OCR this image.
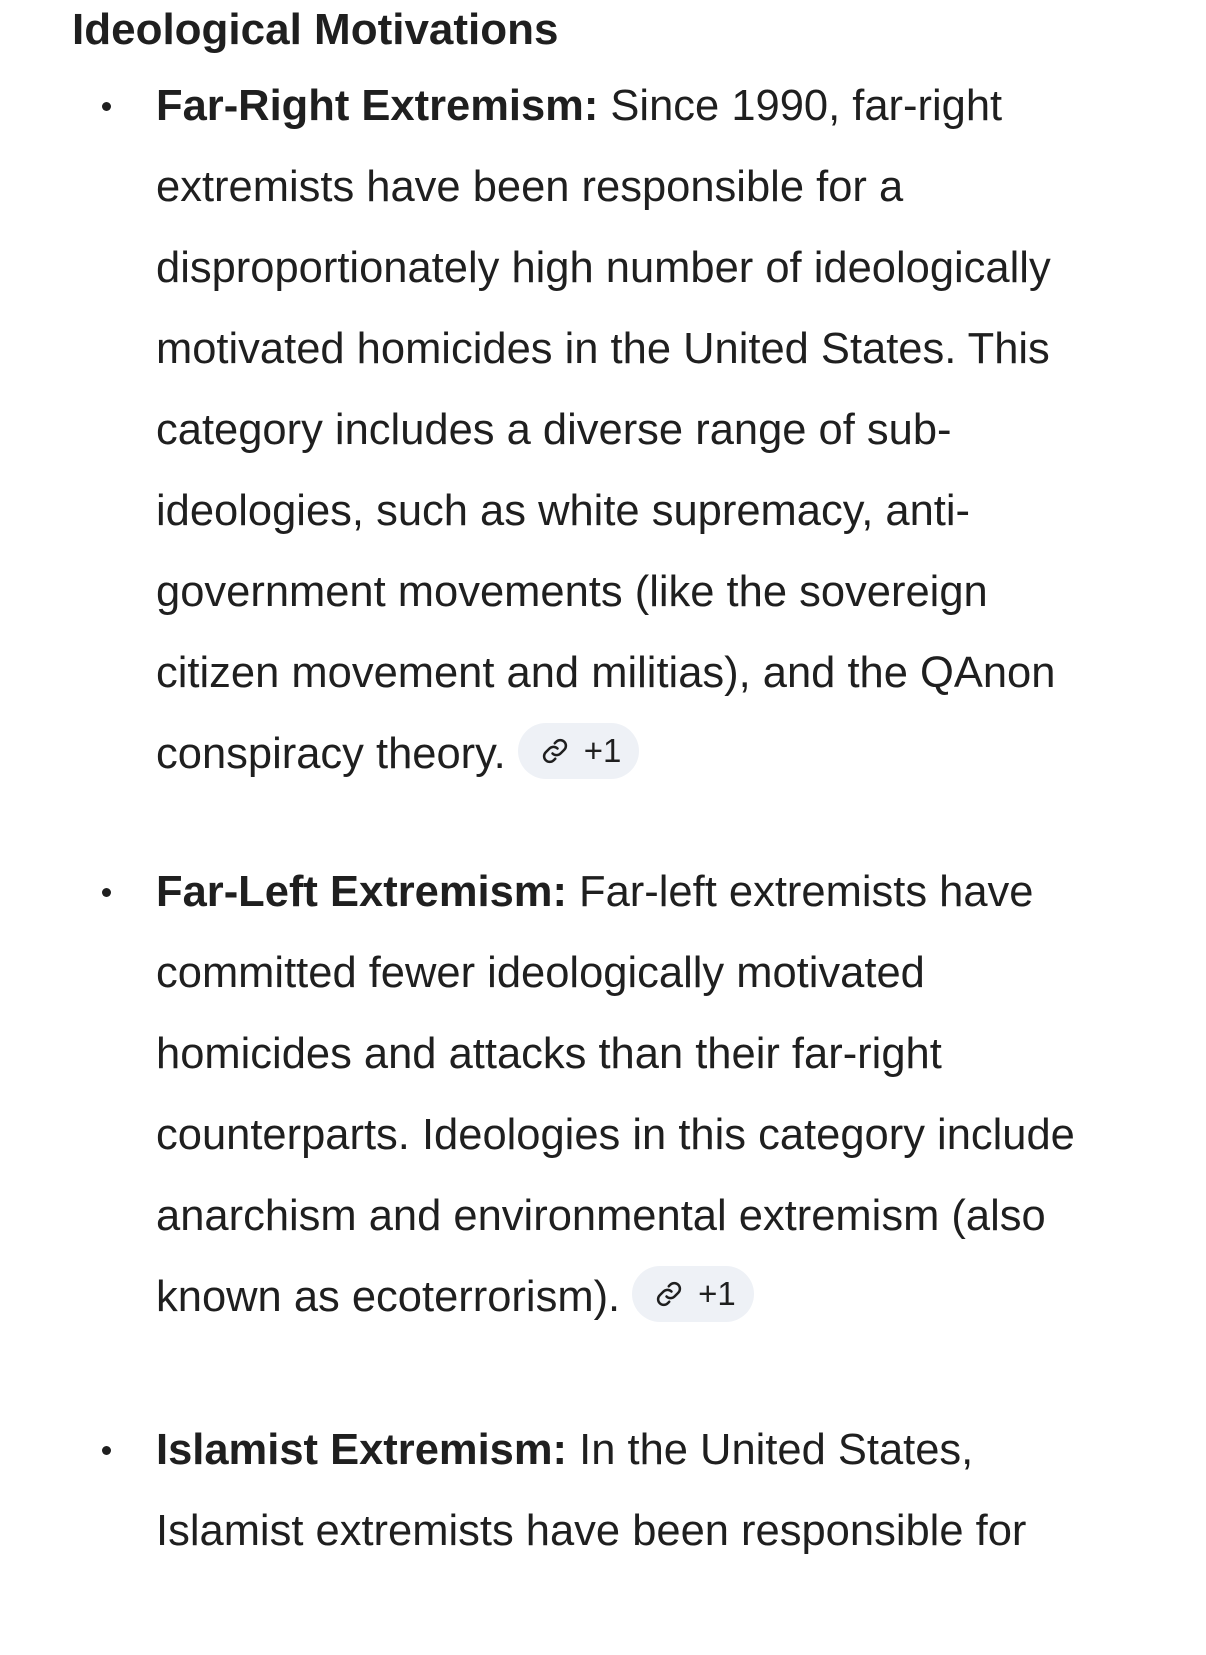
Ideological Motivations

Far-Right Extremism: Since 1990, far-right extremists have been responsible for a disproportionately high number of ideologically motivated homicides in the United States. This category includes a diverse range of sub-ideologies, such as white supremacy, anti-government movements (like the sovereign citizen movement and militias), and the QAnon conspiracy theory. +1

Far-Left Extremism: Far-left extremists have committed fewer ideologically motivated homicides and attacks than their far-right counterparts. Ideologies in this category include anarchism and environmental extremism (also known as ecoterrorism). +1

Islamist Extremism: In the United States, Islamist extremists have been responsible for
